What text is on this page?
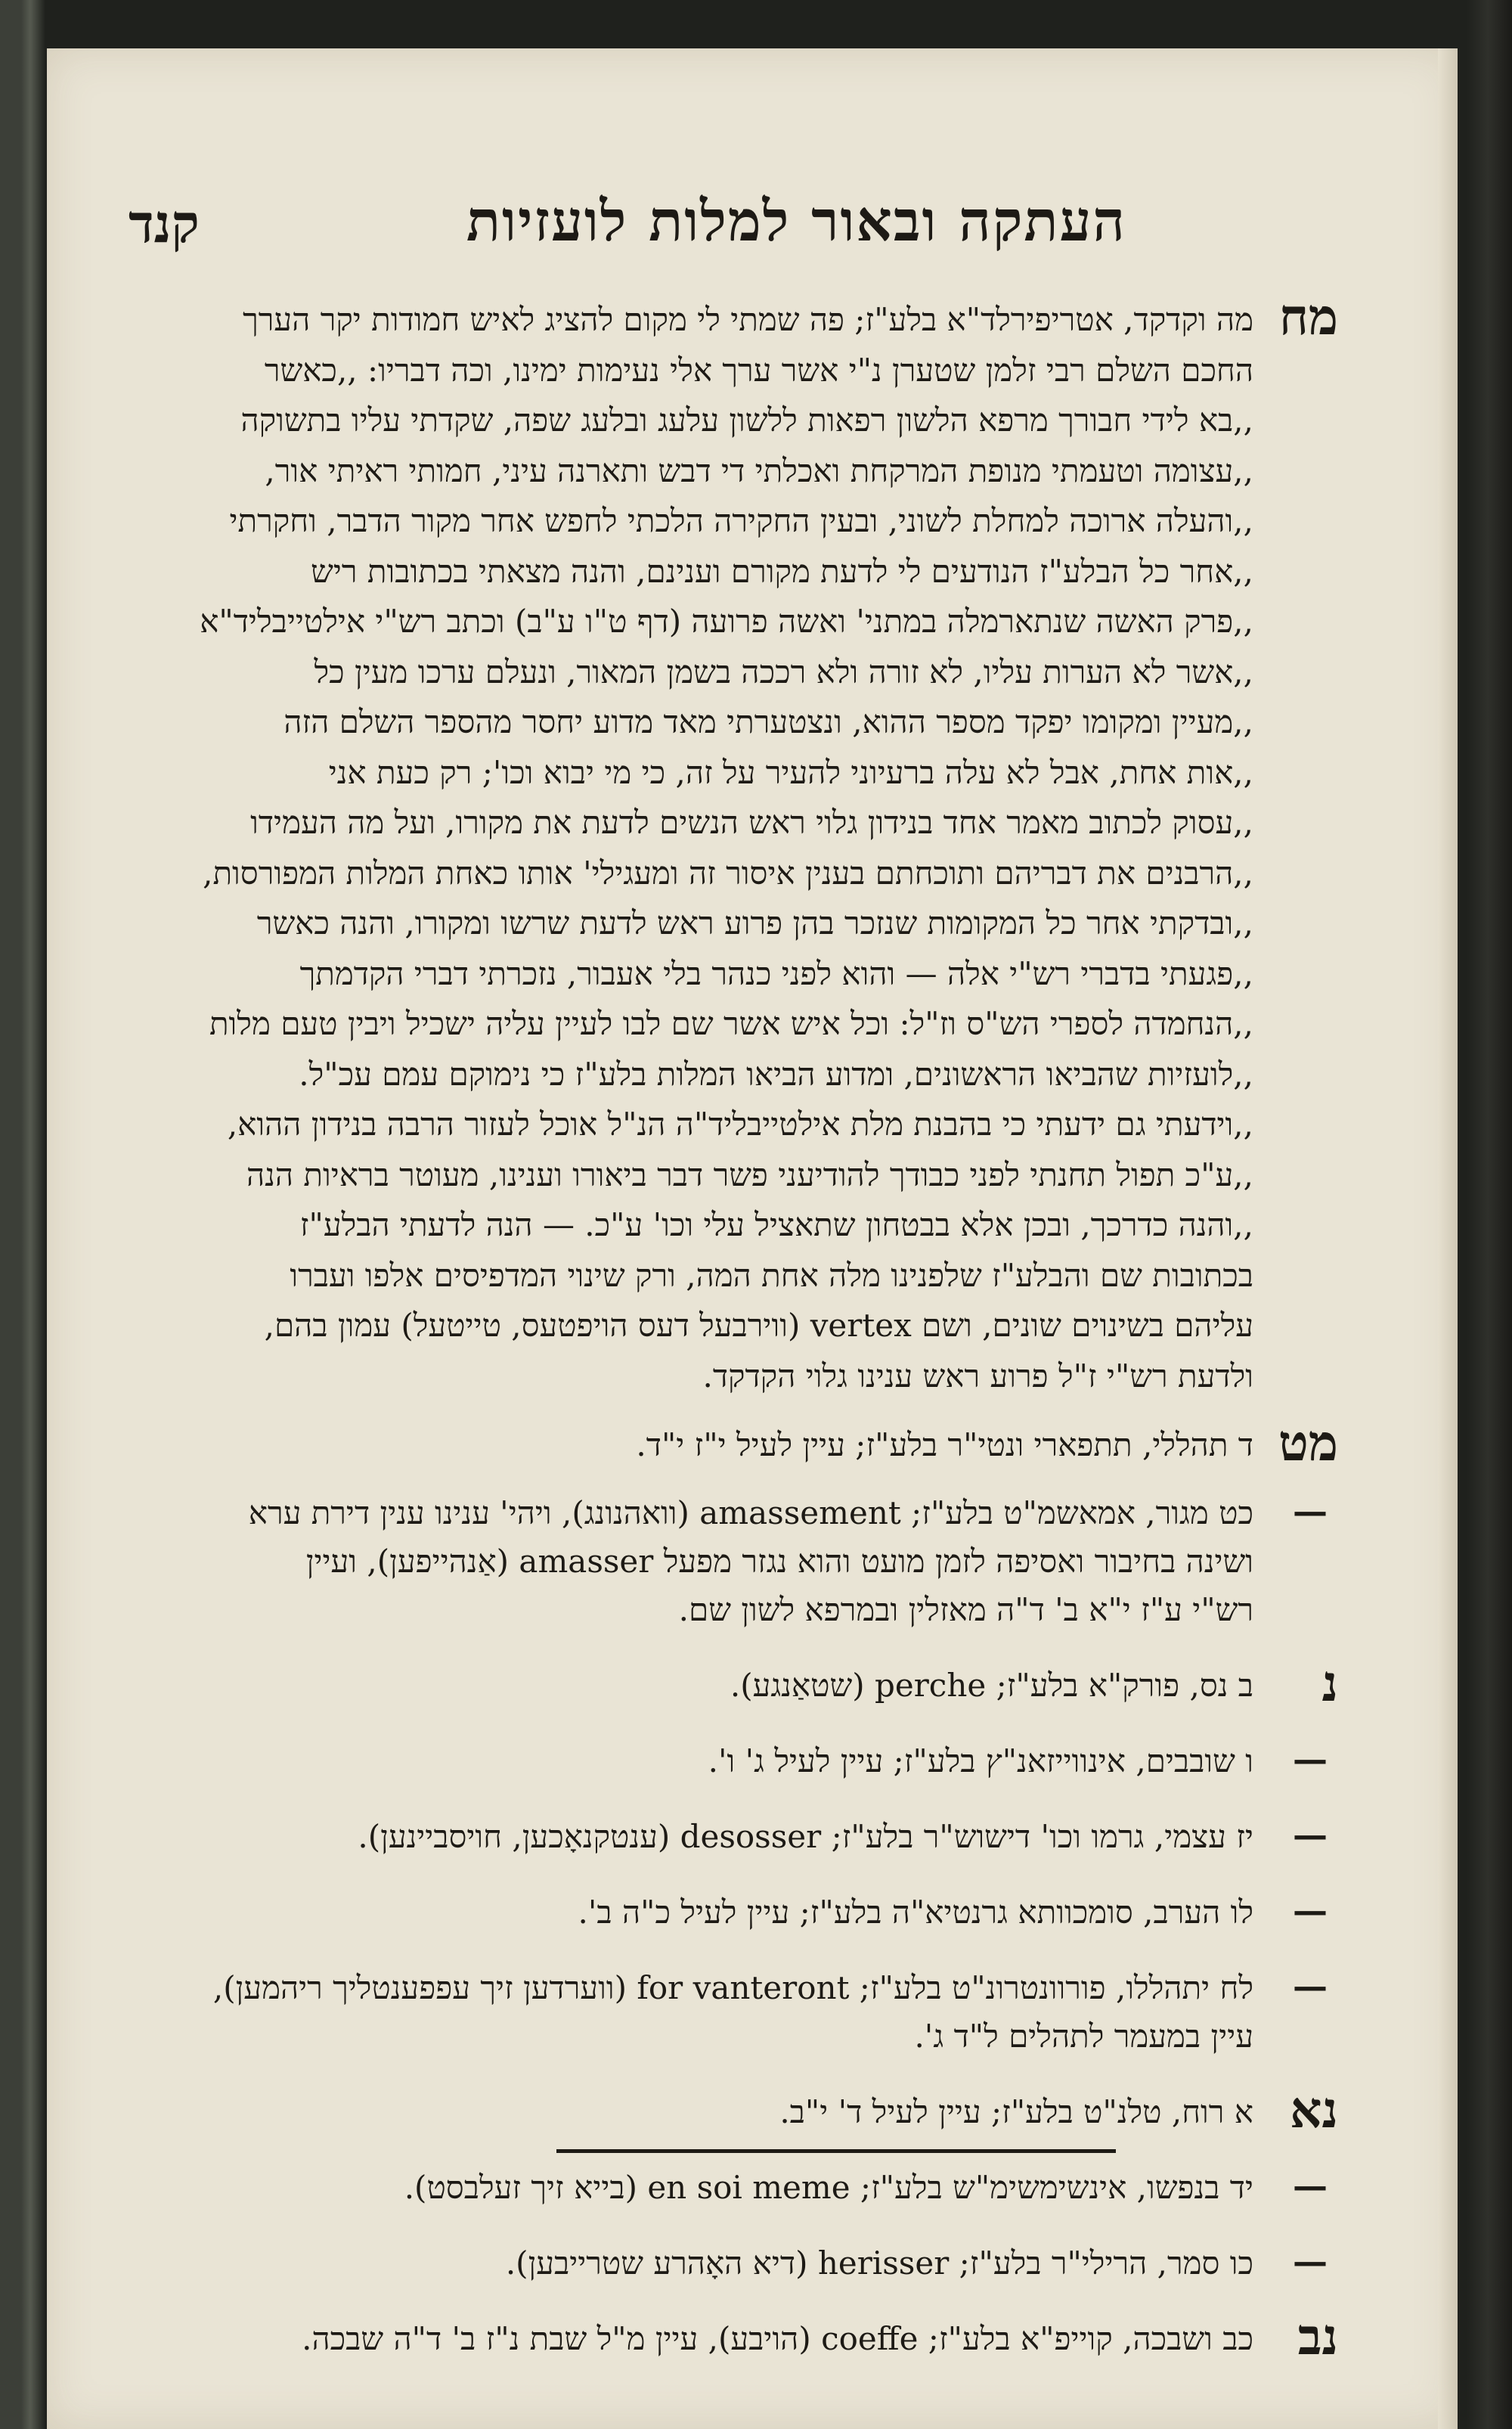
העתקה ובאור למלות לועזיות
קנד
מח
מה וקדקד, אטריפירלד"א בלע"ז; פה שמתי לי מקום להציג לאיש חמודות יקר הערך
החכם השלם רבי זלמן שטערן נ"י אשר ערך אלי נעימות ימינו, וכה דבריו: ,,כאשר
,,בא לידי חבורך מרפא הלשון רפאות ללשון עלעג ובלעג שפה, שקדתי עליו בתשוקה
,,עצומה וטעמתי מנופת המרקחת ואכלתי די דבש ותארנה עיני, חמותי ראיתי אור,
,,והעלה ארוכה למחלת לשוני, ובעין החקירה הלכתי לחפש אחר מקור הדבר, וחקרתי
,,אחר כל הבלע"ז הנודעים לי לדעת מקורם וענינם, והנה מצאתי בכתובות ריש
,,פרק האשה שנתארמלה במתני' ואשה פרועה (דף ט"ו ע"ב) וכתב רש"י אילטייבליד"א
,,אשר לא הערות עליו, לא זורה ולא רככה בשמן המאור, ונעלם ערכו מעין כל
,,מעיין ומקומו יפקד מספר ההוא, ונצטערתי מאד מדוע יחסר מהספר השלם הזה
,,אות אחת, אבל לא עלה ברעיוני להעיר על זה, כי מי יבוא וכו'; רק כעת אני
,,עסוק לכתוב מאמר אחד בנידון גלוי ראש הנשים לדעת את מקורו, ועל מה העמידו
,,הרבנים את דבריהם ותוכחתם בענין איסור זה ומעגילי' אותו כאחת המלות המפורסות,
,,ובדקתי אחר כל המקומות שנזכר בהן פרוע ראש לדעת שרשו ומקורו, והנה כאשר
,,פגעתי בדברי רש"י אלה — והוא לפני כנהר בלי אעבור, נזכרתי דברי הקדמתך
,,הנחמדה לספרי הש"ס וז"ל: וכל איש אשר שם לבו לעיין עליה ישכיל ויבין טעם מלות
,,לועזיות שהביאו הראשונים, ומדוע הביאו המלות בלע"ז כי נימוקם עמם עכ"ל.
,,וידעתי גם ידעתי כי בהבנת מלת אילטייבליד"ה הנ"ל אוכל לעזור הרבה בנידון ההוא,
,,ע"כ תפול תחנתי לפני כבודך להודיעני פשר דבר ביאורו וענינו, מעוטר בראיות הנה
,,והנה כדרכך, ובכן אלא בבטחון שתאציל עלי וכו' ע"כ. — הנה לדעתי הבלע"ז
בכתובות שם והבלע"ז שלפנינו מלה אחת המה, ורק שינוי המדפיסים אלפו ועברו
עליהם בשינוים שונים, ושם vertex (ווירבעל דעס הויפטעס, טייטעל) עמון בהם,
ולדעת רש"י ז"ל פרוע ראש ענינו גלוי הקדקד.
מט
ד תהללי, תתפארי ונטי"ר בלע"ז; עיין לעיל י"ז י"ד.
—
כט מגור, אמאשמ"ט בלע"ז; amassement (וואהנונג), ויהי' ענינו ענין דירת ערא
ושינה בחיבור ואסיפה לזמן מועט והוא נגזר מפעל amasser (אַנהייפען), ועיין
רש"י ע"ז י"א ב' ד"ה מאזלין ובמרפא לשון שם.
נ
ב נס, פורק"א בלע"ז; perche (שטאַנגע).
—
ו שובבים, אינווייזאנ"ץ בלע"ז; עיין לעיל ג' ו'.
—
יז עצמי, גרמו וכו' דישוש"ר בלע"ז; desosser (ענטקנאָכען, חויסביינען).
—
לו הערב, סומכוותא גרנטיא"ה בלע"ז; עיין לעיל כ"ה ב'.
—
לח יתהללו, פורוונטרונ"ט בלע"ז; for vanteront (ווערדען זיך עפפענטליך ריהמען),
עיין במעמר לתהלים ל"ד ג'.
נא
א רוח, טלנ"ט בלע"ז; עיין לעיל ד' י"ב.
—
יד בנפשו, אינשימשימ"ש בלע"ז; en soi meme (בייא זיך זעלבסט).
—
כו סמר, הרילי"ר בלע"ז; herisser (דיא האָהרע שטרייבען).
נב
כב ושבכה, קוייפ"א בלע"ז; coeffe (הויבע), עיין מ"ל שבת נ"ז ב' ד"ה שבכה.
